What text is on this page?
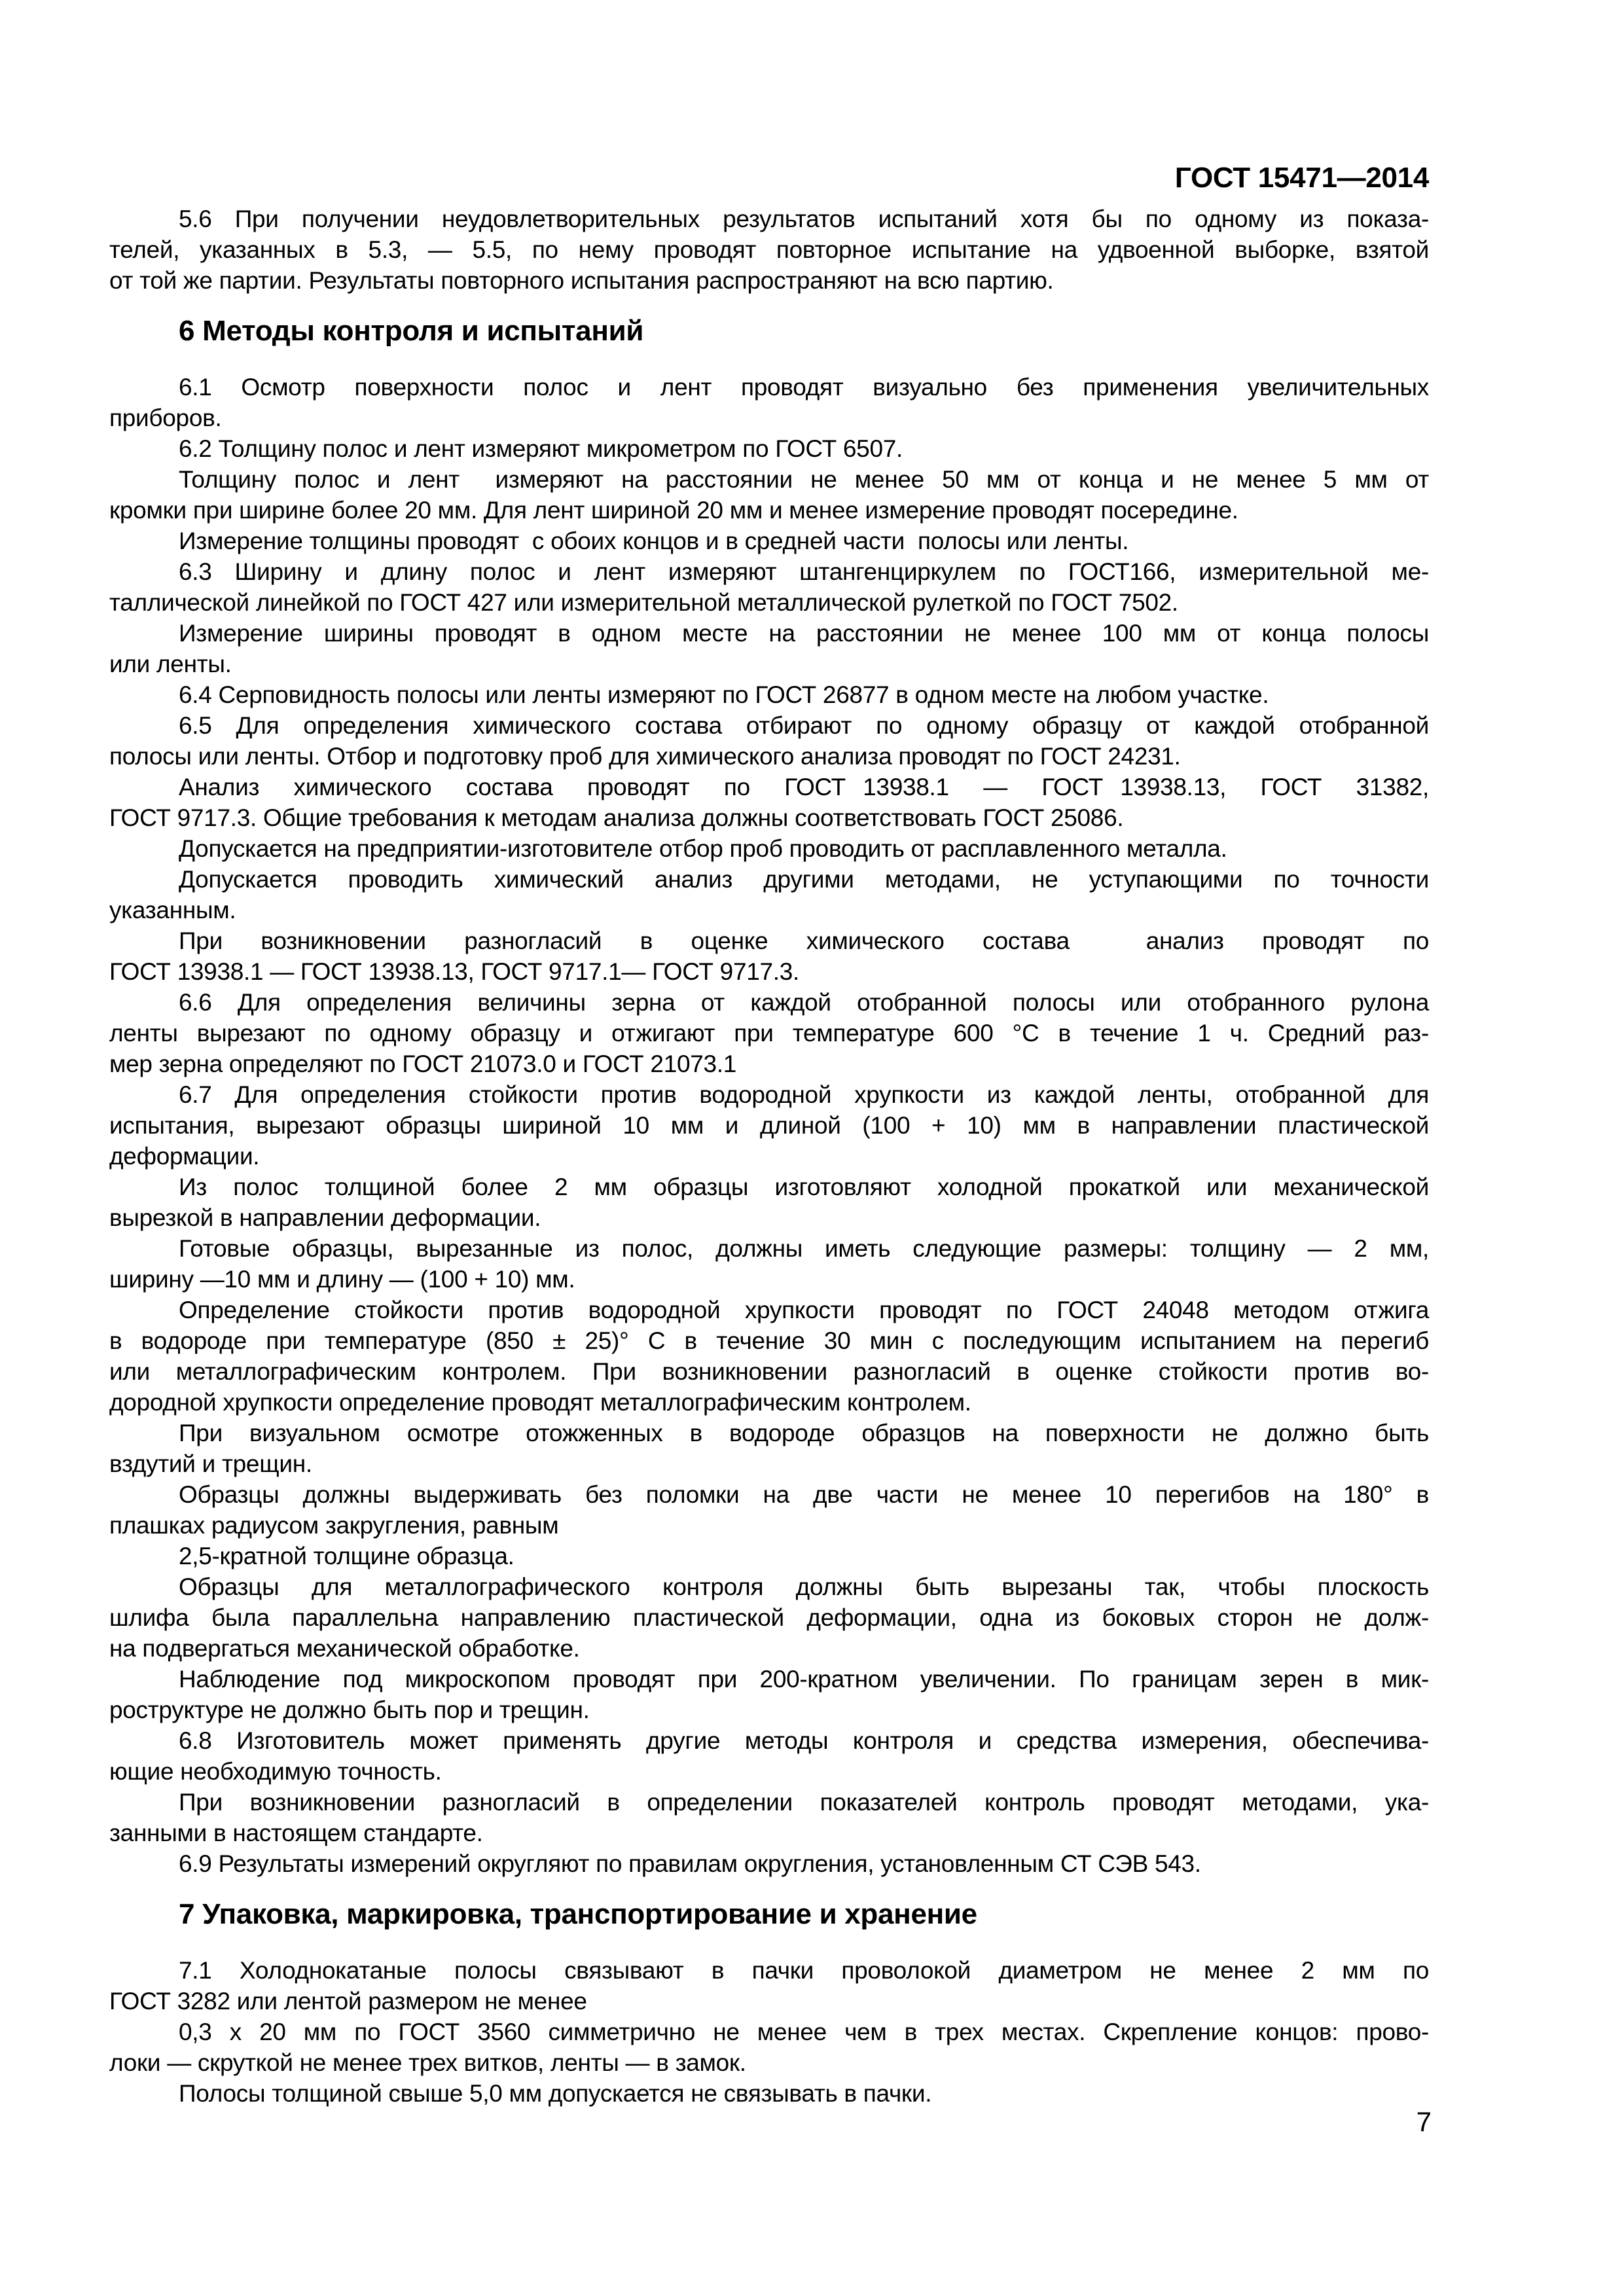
ГОСТ 15471—2014
5.6 При получении неудовлетворительных результатов испытаний хотя бы по одному из показа-
телей, указанных в 5.3, — 5.5, по нему проводят повторное испытание на удвоенной выборке, взятой
от той же партии. Результаты повторного испытания распространяют на всю партию.
6 Методы контроля и испытаний
6.1 Осмотр поверхности полос и лент проводят визуально без применения увеличительных
приборов.
6.2 Толщину полос и лент измеряют микрометром по ГОСТ 6507.
Толщину полос и лент  измеряют на расстоянии не менее 50 мм от конца и не менее 5 мм от
кромки при ширине более 20 мм. Для лент шириной 20 мм и менее измерение проводят посередине.
Измерение толщины проводят  с обоих концов и в средней части  полосы или ленты.
6.3 Ширину и длину полос и лент измеряют штангенциркулем по ГОСТ166, измерительной ме-
таллической линейкой по ГОСТ 427 или измерительной металлической рулеткой по ГОСТ 7502.
Измерение ширины проводят в одном месте на расстоянии не менее 100 мм от конца полосы
или ленты.
6.4 Серповидность полосы или ленты измеряют по ГОСТ 26877 в одном месте на любом участке.
6.5 Для определения химического состава отбирают по одному образцу от каждой отобранной
полосы или ленты. Отбор и подготовку проб для химического анализа проводят по ГОСТ 24231.
Анализ  химического  состава  проводят  по  ГОСТ 13938.1  —  ГОСТ 13938.13,  ГОСТ  31382,
ГОСТ 9717.3. Общие требования к методам анализа должны соответствовать ГОСТ 25086.
Допускается на предприятии-изготовителе отбор проб проводить от расплавленного металла.
Допускается проводить химический анализ другими методами, не уступающими по точности
указанным.
При возникновении разногласий в оценке химического состава  анализ проводят по
ГОСТ 13938.1 — ГОСТ 13938.13, ГОСТ 9717.1— ГОСТ 9717.3.
6.6 Для определения величины зерна от каждой отобранной полосы или отобранного рулона
ленты вырезают по одному образцу и отжигают при температуре 600 °С в течение 1 ч. Средний раз-
мер зерна определяют по ГОСТ 21073.0 и ГОСТ 21073.1
6.7 Для определения стойкости против водородной хрупкости из каждой ленты, отобранной для
испытания, вырезают образцы шириной 10 мм и длиной (100 + 10) мм в направлении пластической
деформации.
Из полос толщиной более 2 мм образцы изготовляют холодной прокаткой или механической
вырезкой в направлении деформации.
Готовые образцы, вырезанные из полос, должны иметь следующие размеры: толщину — 2 мм,
ширину —10 мм и длину — (100 + 10) мм.
Определение стойкости против водородной хрупкости проводят по ГОСТ 24048 методом отжига
в водороде при температуре (850 ± 25)° С в течение 30 мин с последующим испытанием на перегиб
или металлографическим контролем. При возникновении разногласий в оценке стойкости против во-
дородной хрупкости определение проводят металлографическим контролем.
При визуальном осмотре отожженных в водороде образцов на поверхности не должно быть
вздутий и трещин.
Образцы должны выдерживать без поломки на две части не менее 10 перегибов на 180° в
плашках радиусом закругления, равным
2,5-кратной толщине образца.
Образцы для металлографического контроля должны быть вырезаны так, чтобы плоскость
шлифа была параллельна направлению пластической деформации, одна из боковых сторон не долж-
на подвергаться механической обработке.
Наблюдение под микроскопом проводят при 200-кратном увеличении. По границам зерен в мик-
роструктуре не должно быть пор и трещин.
6.8 Изготовитель может применять другие методы контроля и средства измерения, обеспечива-
ющие необходимую точность.
При возникновении разногласий в определении показателей контроль проводят методами, ука-
занными в настоящем стандарте.
6.9 Результаты измерений округляют по правилам округления, установленным СТ СЭВ 543.
7 Упаковка, маркировка, транспортирование и хранение
7.1 Холоднокатаные полосы связывают в пачки проволокой диаметром не менее 2 мм по
ГОСТ 3282 или лентой размером не менее
0,3 х 20 мм по ГОСТ 3560 симметрично не менее чем в трех местах. Скрепление концов: прово-
локи — скруткой не менее трех витков, ленты — в замок.
Полосы толщиной свыше 5,0 мм допускается не связывать в пачки.
7
